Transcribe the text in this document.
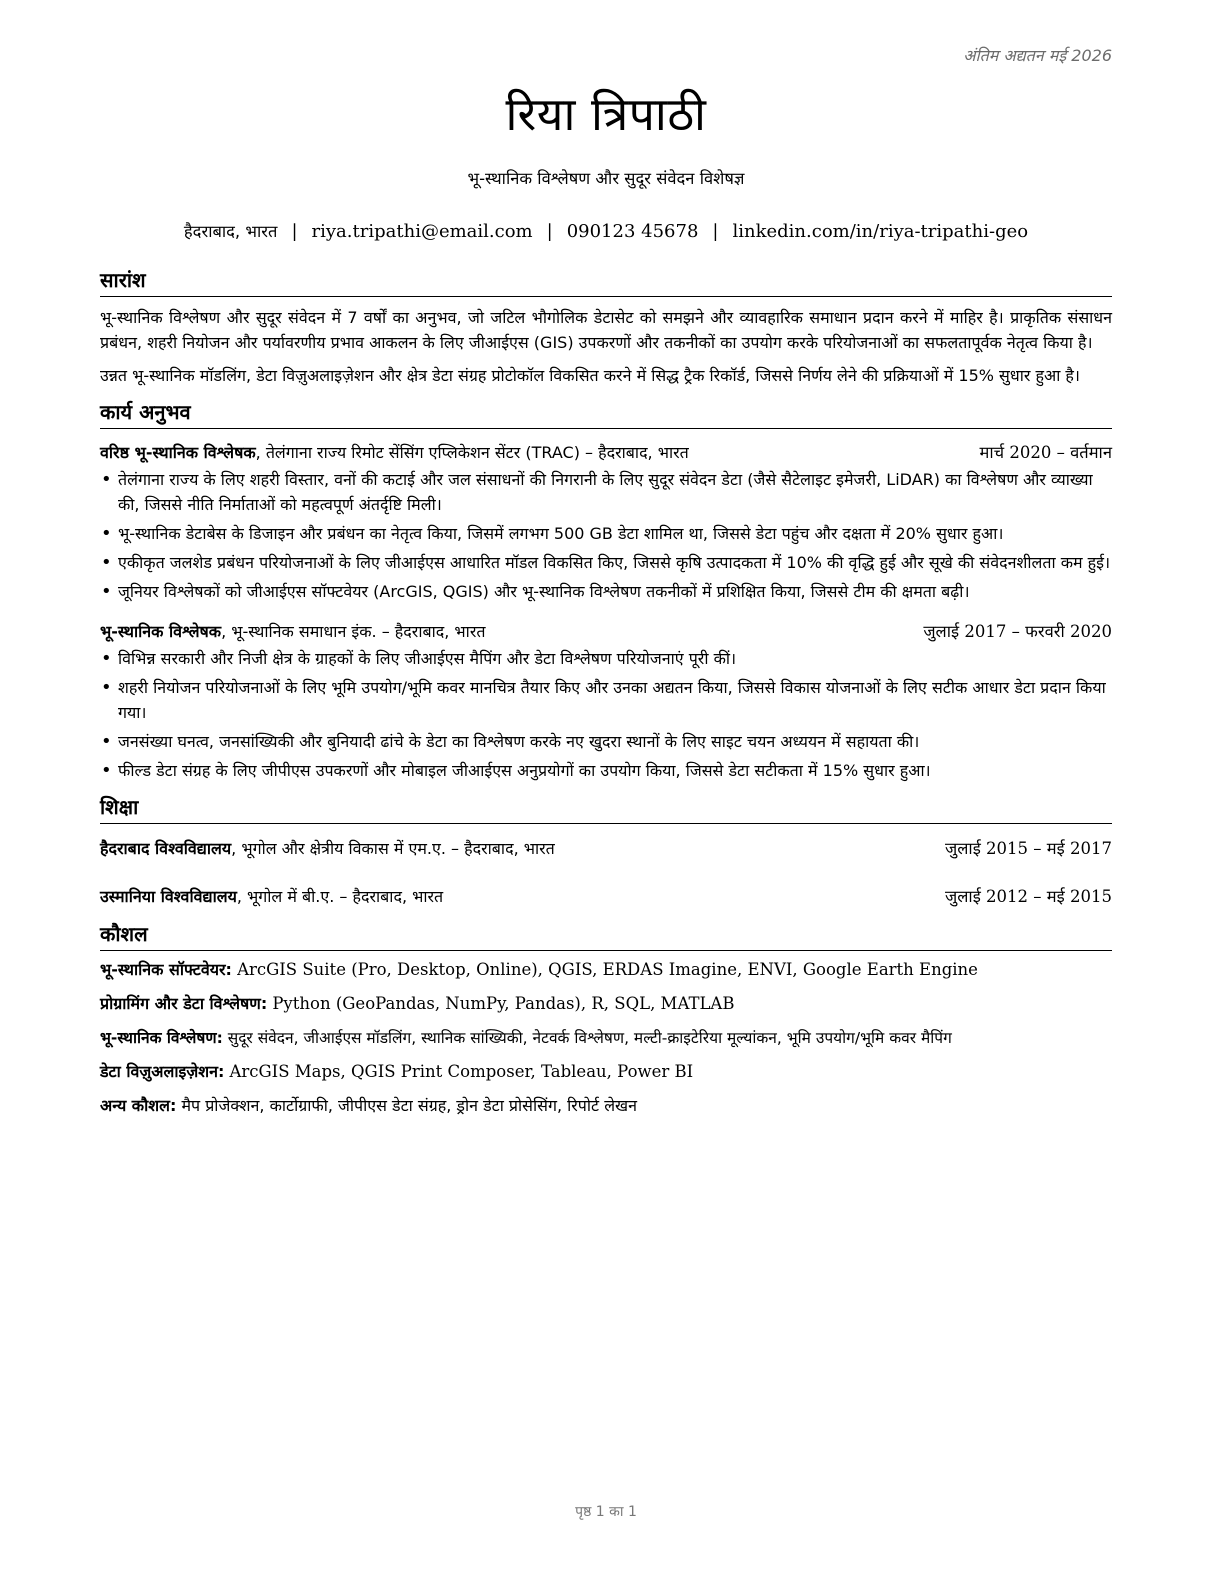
अंतिम अद्यतन मई 2026
रिया त्रिपाठी
भू-स्थानिक विश्लेषण और सुदूर संवेदन विशेषज्ञ
हैदराबाद, भारत | riya.tripathi@email.com | 090123 45678 | linkedin.com/in/riya-tripathi-geo
सारांश

भू-स्थानिक विश्लेषण और सुदूर संवेदन में 7 वर्षों का अनुभव, जो जटिल भौगोलिक डेटासेट को समझने और व्यावहारिक समाधान प्रदान करने में माहिर है। प्राकृतिक संसाधन प्रबंधन, शहरी नियोजन और पर्यावरणीय प्रभाव आकलन के लिए जीआईएस (GIS) उपकरणों और तकनीकों का उपयोग करके परियोजनाओं का सफलतापूर्वक नेतृत्व किया है।

उन्नत भू-स्थानिक मॉडलिंग, डेटा विज़ुअलाइज़ेशन और क्षेत्र डेटा संग्रह प्रोटोकॉल विकसित करने में सिद्ध ट्रैक रिकॉर्ड, जिससे निर्णय लेने की प्रक्रियाओं में 15% सुधार हुआ है।

कार्य अनुभव
वरिष्ठ भू-स्थानिक विश्लेषक, तेलंगाना राज्य रिमोट सेंसिंग एप्लिकेशन सेंटर (TRAC) – हैदराबाद, भारत	मार्च 2020 – वर्तमान
• तेलंगाना राज्य के लिए शहरी विस्तार, वनों की कटाई और जल संसाधनों की निगरानी के लिए सुदूर संवेदन डेटा (जैसे सैटेलाइट इमेजरी, LiDAR) का विश्लेषण और व्याख्या की, जिससे नीति निर्माताओं को महत्वपूर्ण अंतर्दृष्टि मिली।
• भू-स्थानिक डेटाबेस के डिजाइन और प्रबंधन का नेतृत्व किया, जिसमें लगभग 500 GB डेटा शामिल था, जिससे डेटा पहुंच और दक्षता में 20% सुधार हुआ।
• एकीकृत जलशेड प्रबंधन परियोजनाओं के लिए जीआईएस आधारित मॉडल विकसित किए, जिससे कृषि उत्पादकता में 10% की वृद्धि हुई और सूखे की संवेदनशीलता कम हुई।
• जूनियर विश्लेषकों को जीआईएस सॉफ्टवेयर (ArcGIS, QGIS) और भू-स्थानिक विश्लेषण तकनीकों में प्रशिक्षित किया, जिससे टीम की क्षमता बढ़ी।
भू-स्थानिक विश्लेषक, भू-स्थानिक समाधान इंक. – हैदराबाद, भारत	जुलाई 2017 – फरवरी 2020
• विभिन्न सरकारी और निजी क्षेत्र के ग्राहकों के लिए जीआईएस मैपिंग और डेटा विश्लेषण परियोजनाएं पूरी कीं।
• शहरी नियोजन परियोजनाओं के लिए भूमि उपयोग/भूमि कवर मानचित्र तैयार किए और उनका अद्यतन किया, जिससे विकास योजनाओं के लिए सटीक आधार डेटा प्रदान किया गया।
• जनसंख्या घनत्व, जनसांख्यिकी और बुनियादी ढांचे के डेटा का विश्लेषण करके नए खुदरा स्थानों के लिए साइट चयन अध्ययन में सहायता की।
• फील्ड डेटा संग्रह के लिए जीपीएस उपकरणों और मोबाइल जीआईएस अनुप्रयोगों का उपयोग किया, जिससे डेटा सटीकता में 15% सुधार हुआ।
शिक्षा
हैदराबाद विश्वविद्यालय, भूगोल और क्षेत्रीय विकास में एम.ए. – हैदराबाद, भारत	जुलाई 2015 – मई 2017
उस्मानिया विश्वविद्यालय, भूगोल में बी.ए. – हैदराबाद, भारत	जुलाई 2012 – मई 2015
कौशल
भू-स्थानिक सॉफ्टवेयर: ArcGIS Suite (Pro, Desktop, Online), QGIS, ERDAS Imagine, ENVI, Google Earth Engine
प्रोग्रामिंग और डेटा विश्लेषण: Python (GeoPandas, NumPy, Pandas), R, SQL, MATLAB
भू-स्थानिक विश्लेषण: सुदूर संवेदन, जीआईएस मॉडलिंग, स्थानिक सांख्यिकी, नेटवर्क विश्लेषण, मल्टी-क्राइटेरिया मूल्यांकन, भूमि उपयोग/भूमि कवर मैपिंग
डेटा विज़ुअलाइज़ेशन: ArcGIS Maps, QGIS Print Composer, Tableau, Power BI
अन्य कौशल: मैप प्रोजेक्शन, कार्टोग्राफी, जीपीएस डेटा संग्रह, ड्रोन डेटा प्रोसेसिंग, रिपोर्ट लेखन
पृष्ठ 1 का 1
